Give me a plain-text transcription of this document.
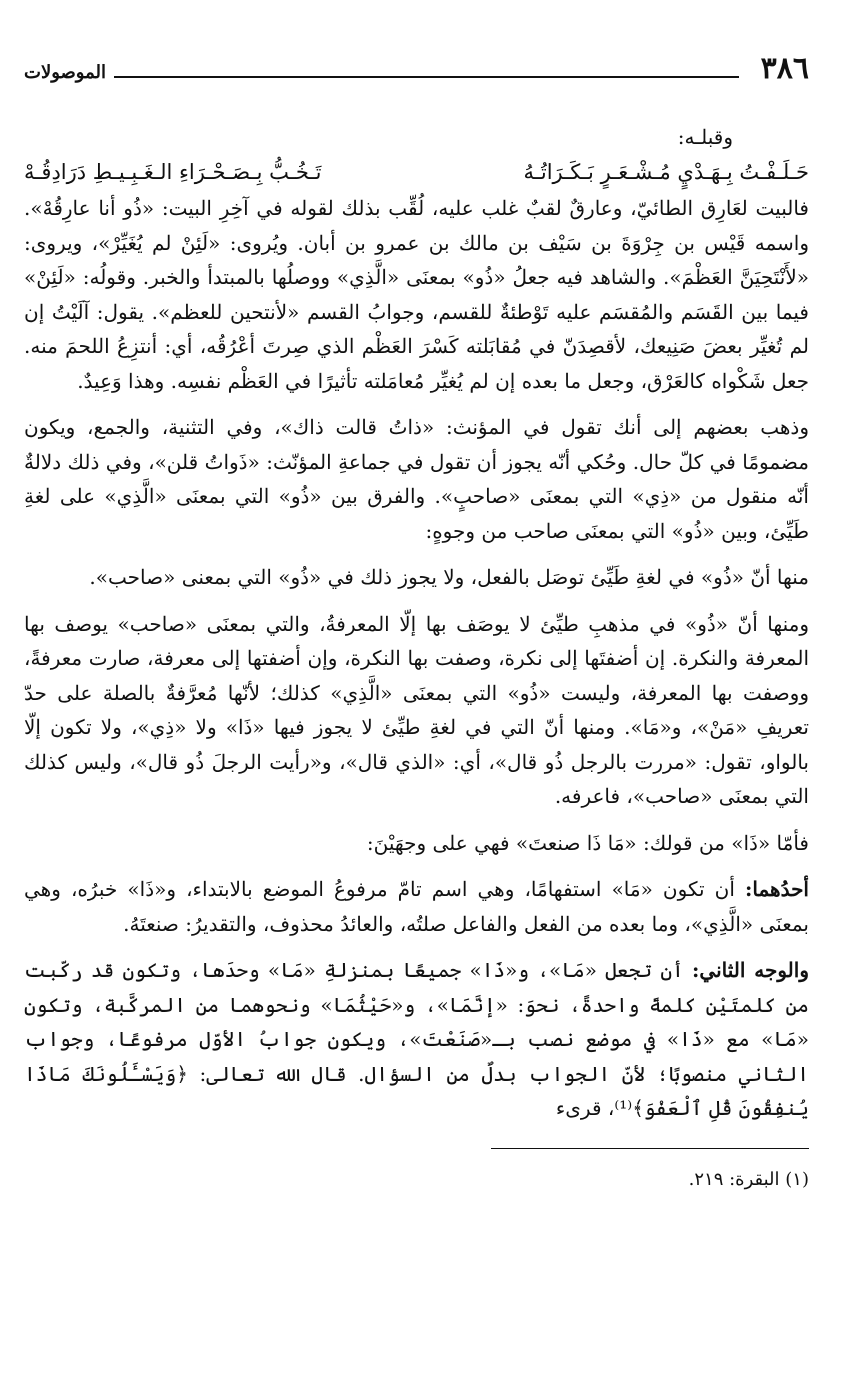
٣٨٦
الموصولات

وقبلـه:

حَـلَـفْـتُ بِـهَـدْيٍ مُـشْـعَـرٍ بَـكَـرَاتُـهُ
تَـخُـبُّ بِـصَـحْـرَاءِ الـغَـبِـيـطِ دَرَادِقُـهْ

فالبيت لعَارِق الطائيّ، وعارقٌ لقبٌ غلب عليه، لُقِّب بذلك لقوله في آخِرِ البيت: «ذُو أنا عارِقُهْ». واسمه قَيْس بن جِرْوَةَ بن سَيْف بن مالك بن عمرو بن أبان. ويُروى: «لَئِنْ لم يُغَيِّرْ»، ويروى: «لأَنْتَحِيَنَّ العَظْمَ». والشاهد فيه جعلُ «ذُو» بمعنَى «الَّذِي» ووصلُها بالمبتدأ والخبر. وقولُه: «لَئِنْ» فيما بين القَسَم والمُقسَم عليه تَوْطئةٌ للقسم، وجوابُ القسم «لأنتحين للعظم». يقول: آلَيْتُ إن لم تُغيِّر بعضَ صَنِيعك، لأقصِدَنّ في مُقابَلته كَسْرَ العَظْم الذي صِرتَ أعْرُقُه، أي: أنتزِعُ اللحمَ منه. جعل شَكْواه كالعَرْق، وجعل ما بعده إن لم يُغيِّر مُعامَلته تأثيرًا في العَظْم نفسِه. وهذا وَعِيدٌ.

وذهب بعضهم إلى أنك تقول في المؤنث: «ذاتُ قالت ذاك»، وفي التثنية، والجمع، ويكون مضمومًا في كلّ حال. وحُكي أنّه يجوز أن تقول في جماعةِ المؤنّث: «ذَواتُ قلن»، وفي ذلك دلالةٌ أنّه منقول من «ذِي» التي بمعنَى «صاحبٍ». والفرق بين «ذُو» التي بمعنَى «الَّذِي» على لغةِ طَيِّئ، وبين «ذُو» التي بمعنَى صاحب من وجوهٍ:

منها أنّ «ذُو» في لغةِ طَيِّئ توصَل بالفعل، ولا يجوز ذلك في «ذُو» التي بمعنى «صاحب».

ومنها أنّ «ذُو» في مذهبِ طيِّئ لا يوصَف بها إلّا المعرفةُ، والتي بمعنَى «صاحب» يوصف بها المعرفة والنكرة. إن أضفتَها إلى نكرة، وصفت بها النكرة، وإن أضفتها إلى معرفة، صارت معرفةً، ووصفت بها المعرفة، وليست «ذُو» التي بمعنَى «الَّذِي» كذلك؛ لأنّها مُعرَّفةٌ بالصلة على حدّ تعريفِ «مَنْ»، و«مَا». ومنها أنّ التي في لغةِ طيِّئ لا يجوز فيها «ذَا» ولا «ذِي»، ولا تكون إلّا بالواو، تقول: «مررت بالرجل ذُو قال»، أي: «الذي قال»، و«رأيت الرجلَ ذُو قال»، وليس كذلك التي بمعنَى «صاحب»، فاعرفه.

فأمّا «ذَا» من قولك: «مَا ذَا صنعتَ» فهي على وجهَيْنَ:

أحدُهما: أن تكون «مَا» استفهامًا، وهي اسم تامّ مرفوعُ الموضع بالابتداء، و«ذَا» خبرُه، وهي بمعنَى «الَّذِي»، وما بعده من الفعل والفاعل صلتُه، والعائدُ محذوف، والتقديرُ: صنعتَهُ.

والوجه الثاني: أن تجعل «مَا»، و«ذَا» جميعًا بمنزلةِ «مَا» وحدَها، وتكون قد ركّبت من كلمتَيْن كلمةً واحدةً، نحوَ: «إنَّمَا»، و«حَيْثُمَا» ونحوهما من المركَّبة، وتكون «مَا» مع «ذَا» في موضع نصب بـ«صَنَعْتَ»، ويكون جوابُ الأوّل مرفوعًا، وجواب الثاني منصوبًا؛ لأنّ الجواب بدلٌ من السؤال. قال الله تعالى: ﴿وَيَسْـَٔلُونَكَ مَاذَا يُنفِقُونَ قُلِ ٱلْعَفْوَ﴾⁽¹⁾، قرىء

(١) البقرة: ٢١٩.
